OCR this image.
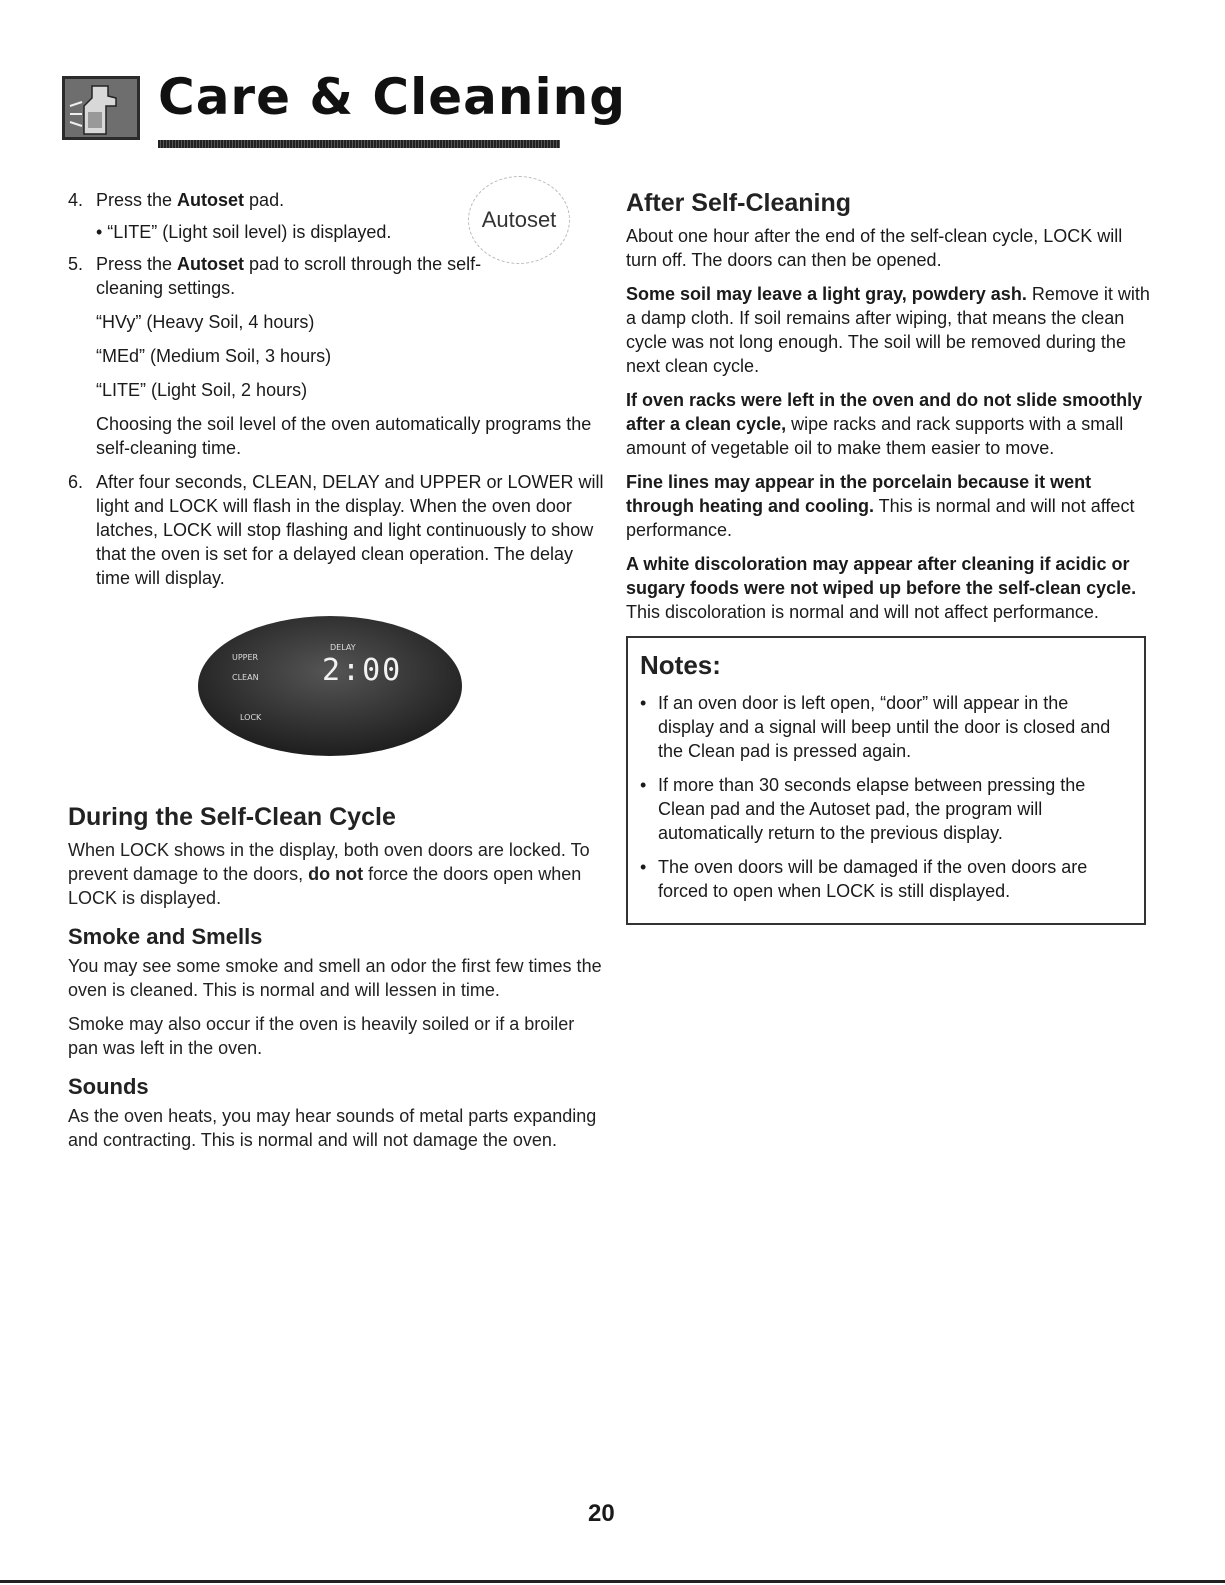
Care & Cleaning
4. Press the Autoset pad.
Autoset
• “LITE” (Light soil level) is displayed.
5. Press the Autoset pad to scroll through the self-cleaning settings.
“HVy” (Heavy Soil, 4 hours)
“MEd” (Medium Soil, 3 hours)
“LITE” (Light Soil, 2 hours)
Choosing the soil level of the oven automatically programs the self-cleaning time.
6. After four seconds, CLEAN, DELAY and UPPER or LOWER will light and LOCK will flash in the display. When the oven door latches, LOCK will stop flashing and light continuously to show that the oven is set for a delayed clean operation. The delay time will display.
UPPER
CLEAN
LOCK
DELAY
2:00
During the Self-Clean Cycle

When LOCK shows in the display, both oven doors are locked. To prevent damage to the doors, do not force the doors open when LOCK is displayed.

Smoke and Smells

You may see some smoke and smell an odor the first few times the oven is cleaned. This is normal and will lessen in time.

Smoke may also occur if the oven is heavily soiled or if a broiler pan was left in the oven.

Sounds

As the oven heats, you may hear sounds of metal parts expanding and contracting. This is normal and will not damage the oven.

After Self-Cleaning

About one hour after the end of the self-clean cycle, LOCK will turn off. The doors can then be opened.

Some soil may leave a light gray, powdery ash. Remove it with a damp cloth. If soil remains after wiping, that means the clean cycle was not long enough. The soil will be removed during the next clean cycle.

If oven racks were left in the oven and do not slide smoothly after a clean cycle, wipe racks and rack supports with a small amount of vegetable oil to make them easier to move.

Fine lines may appear in the porcelain because it went through heating and cooling. This is normal and will not affect performance.

A white discoloration may appear after cleaning if acidic or sugary foods were not wiped up before the self-clean cycle. This discoloration is normal and will not affect performance.

Notes:
• If an oven door is left open, “door” will appear in the display and a signal will beep until the door is closed and the Clean pad is pressed again.
• If more than 30 seconds elapse between pressing the Clean pad and the Autoset pad, the program will automatically return to the previous display.
• The oven doors will be damaged if the oven doors are forced to open when LOCK is still displayed.
20
